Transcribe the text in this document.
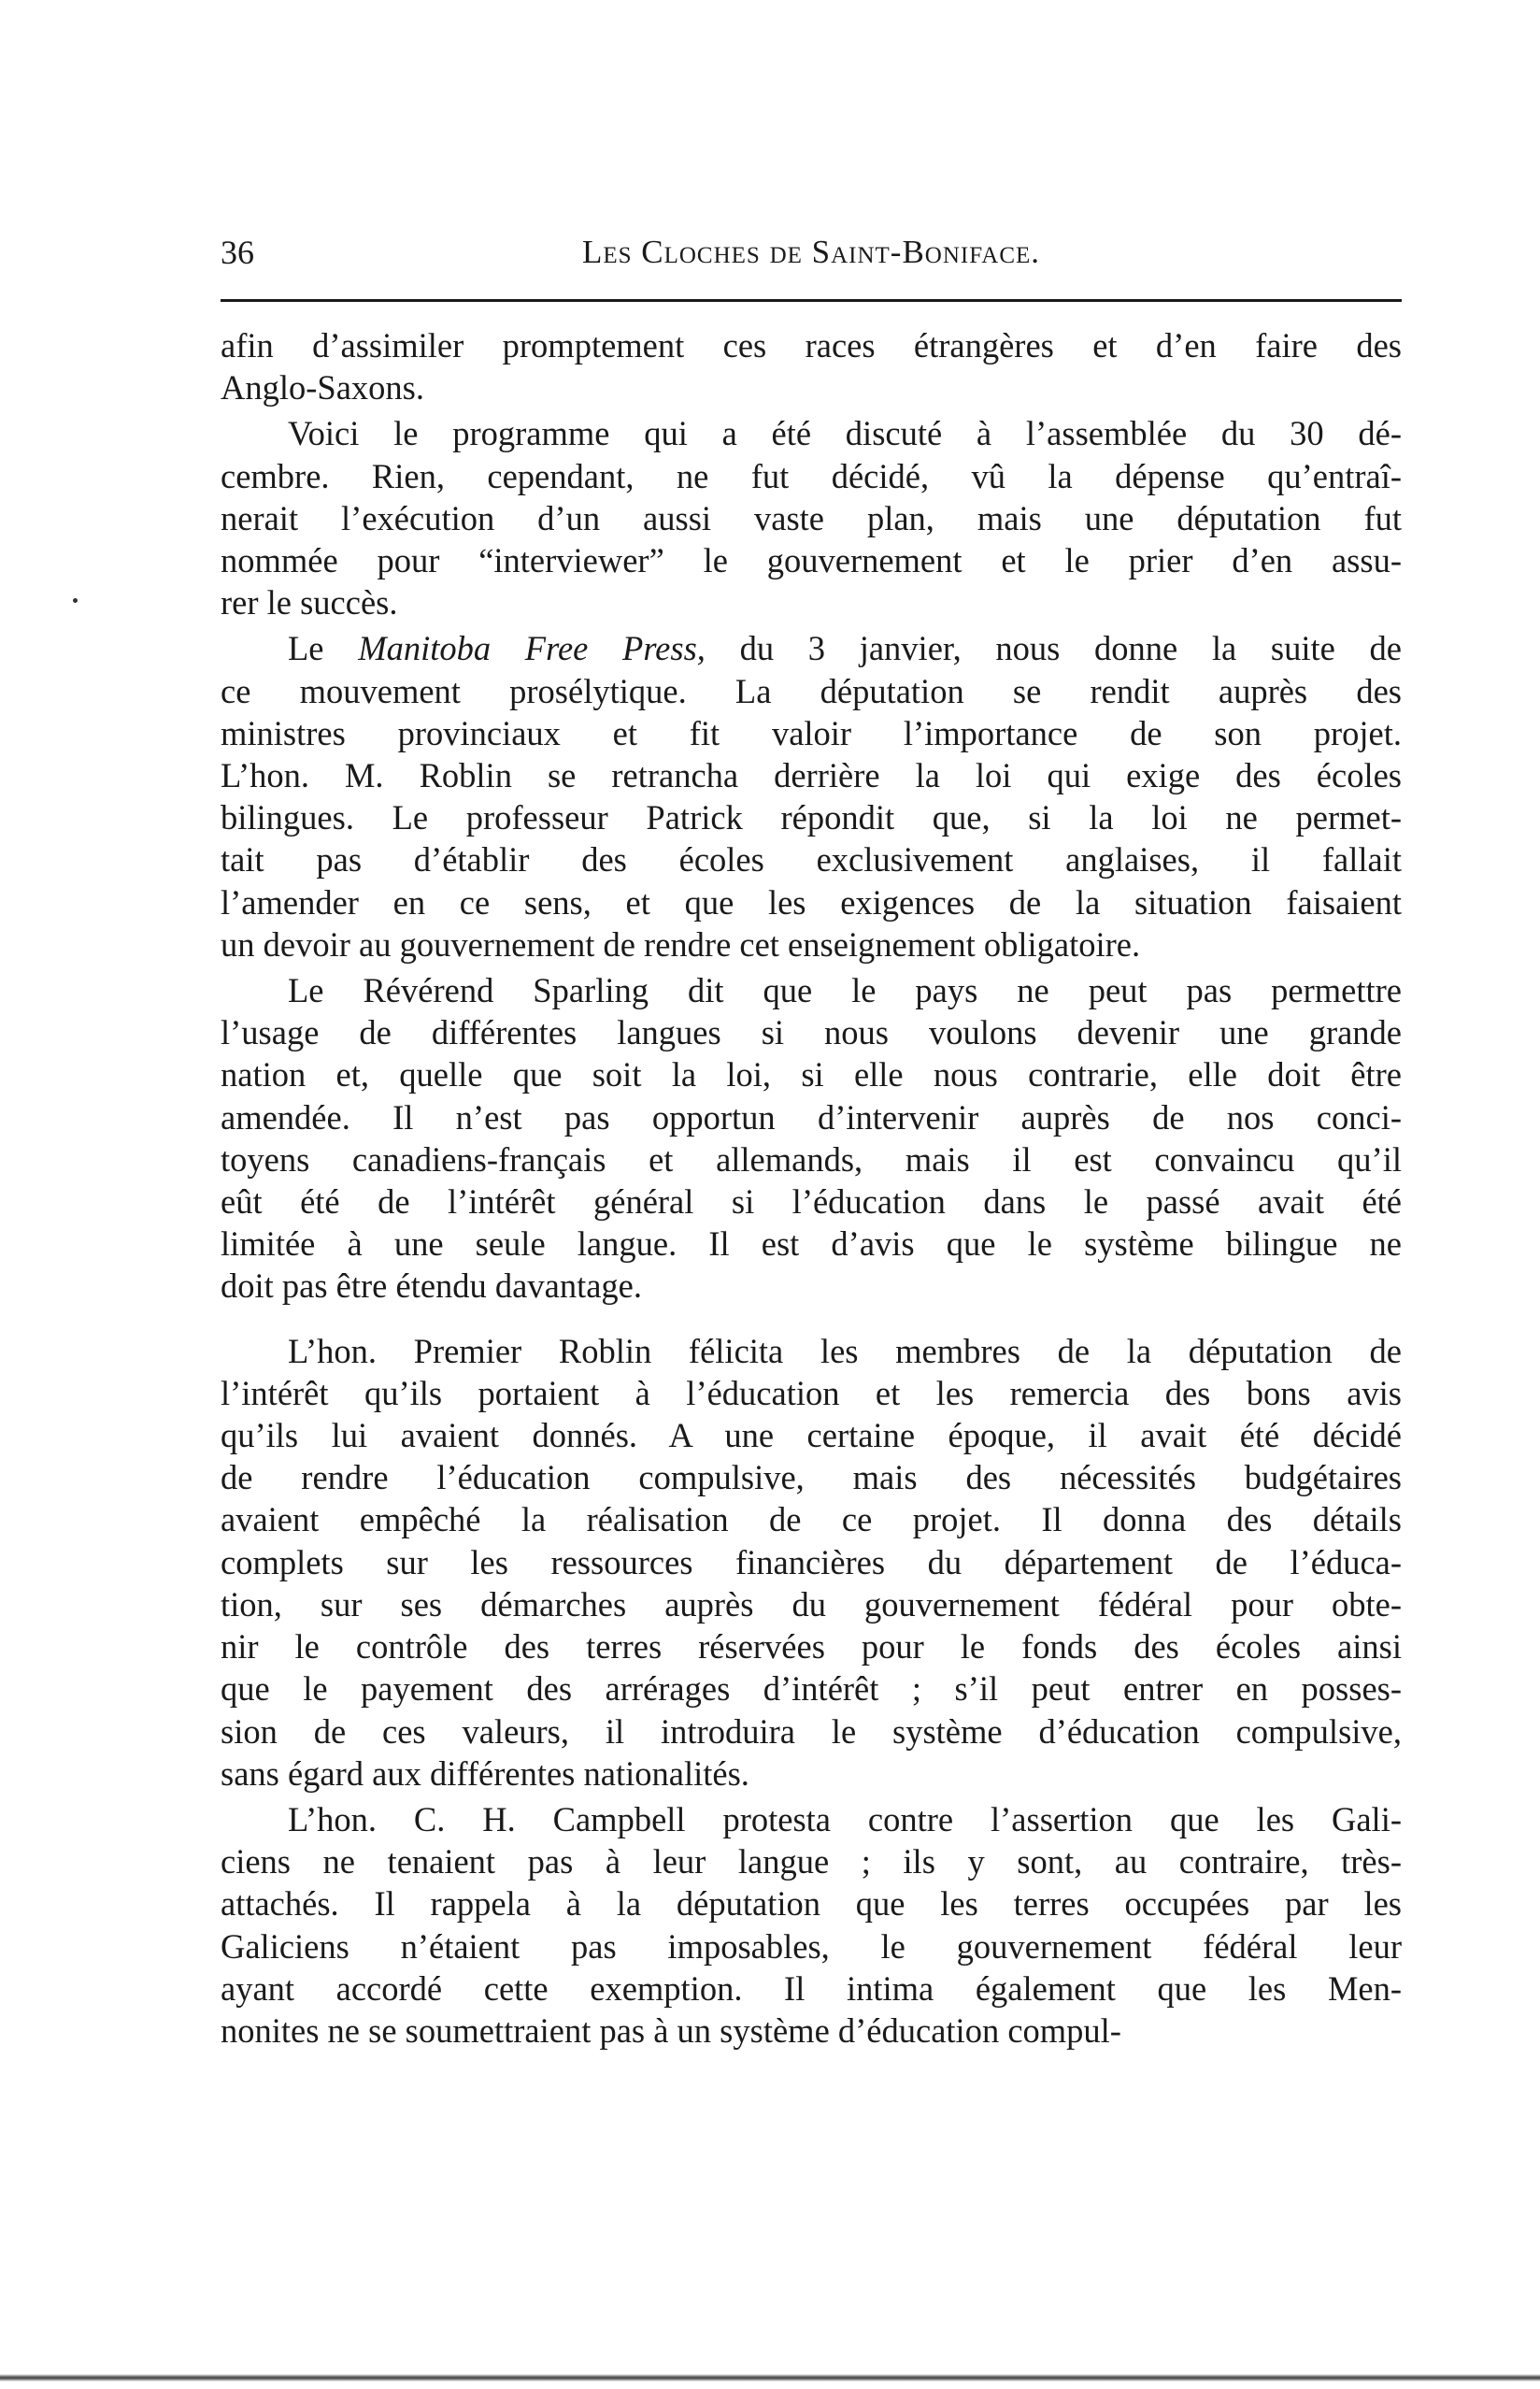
36	Les Cloches de Saint-Boniface.

afin d’assimiler promptement ces races étrangères et d’en faire des
Anglo-Saxons.

Voici le programme qui a été discuté à l’assemblée du 30 dé-
cembre. Rien, cependant, ne fut décidé, vû la dépense qu’entraî-
nerait l’exécution d’un aussi vaste plan, mais une députation fut
nommée pour “interviewer” le gouvernement et le prier d’en assu-
rer le succès.

Le Manitoba Free Press, du 3 janvier, nous donne la suite de
ce mouvement prosélytique. La députation se rendit auprès des
ministres provinciaux et fit valoir l’importance de son projet.
L’hon. M. Roblin se retrancha derrière la loi qui exige des écoles
bilingues. Le professeur Patrick répondit que, si la loi ne permet-
tait pas d’établir des écoles exclusivement anglaises, il fallait
l’amender en ce sens, et que les exigences de la situation faisaient
un devoir au gouvernement de rendre cet enseignement obligatoire.

Le Révérend Sparling dit que le pays ne peut pas permettre
l’usage de différentes langues si nous voulons devenir une grande
nation et, quelle que soit la loi, si elle nous contrarie, elle doit être
amendée. Il n’est pas opportun d’intervenir auprès de nos conci-
toyens canadiens-français et allemands, mais il est convaincu qu’il
eût été de l’intérêt général si l’éducation dans le passé avait été
limitée à une seule langue. Il est d’avis que le système bilingue ne
doit pas être étendu davantage.

L’hon. Premier Roblin félicita les membres de la députation de
l’intérêt qu’ils portaient à l’éducation et les remercia des bons avis
qu’ils lui avaient donnés. A une certaine époque, il avait été décidé
de rendre l’éducation compulsive, mais des nécessités budgétaires
avaient empêché la réalisation de ce projet. Il donna des détails
complets sur les ressources financières du département de l’éduca-
tion, sur ses démarches auprès du gouvernement fédéral pour obte-
nir le contrôle des terres réservées pour le fonds des écoles ainsi
que le payement des arrérages d’intérêt ; s’il peut entrer en posses-
sion de ces valeurs, il introduira le système d’éducation compulsive,
sans égard aux différentes nationalités.

L’hon. C. H. Campbell protesta contre l’assertion que les Gali-
ciens ne tenaient pas à leur langue ; ils y sont, au contraire, très-
attachés. Il rappela à la députation que les terres occupées par les
Galiciens n’étaient pas imposables, le gouvernement fédéral leur
ayant accordé cette exemption. Il intima également que les Men-
nonites ne se soumettraient pas à un système d’éducation compul-
